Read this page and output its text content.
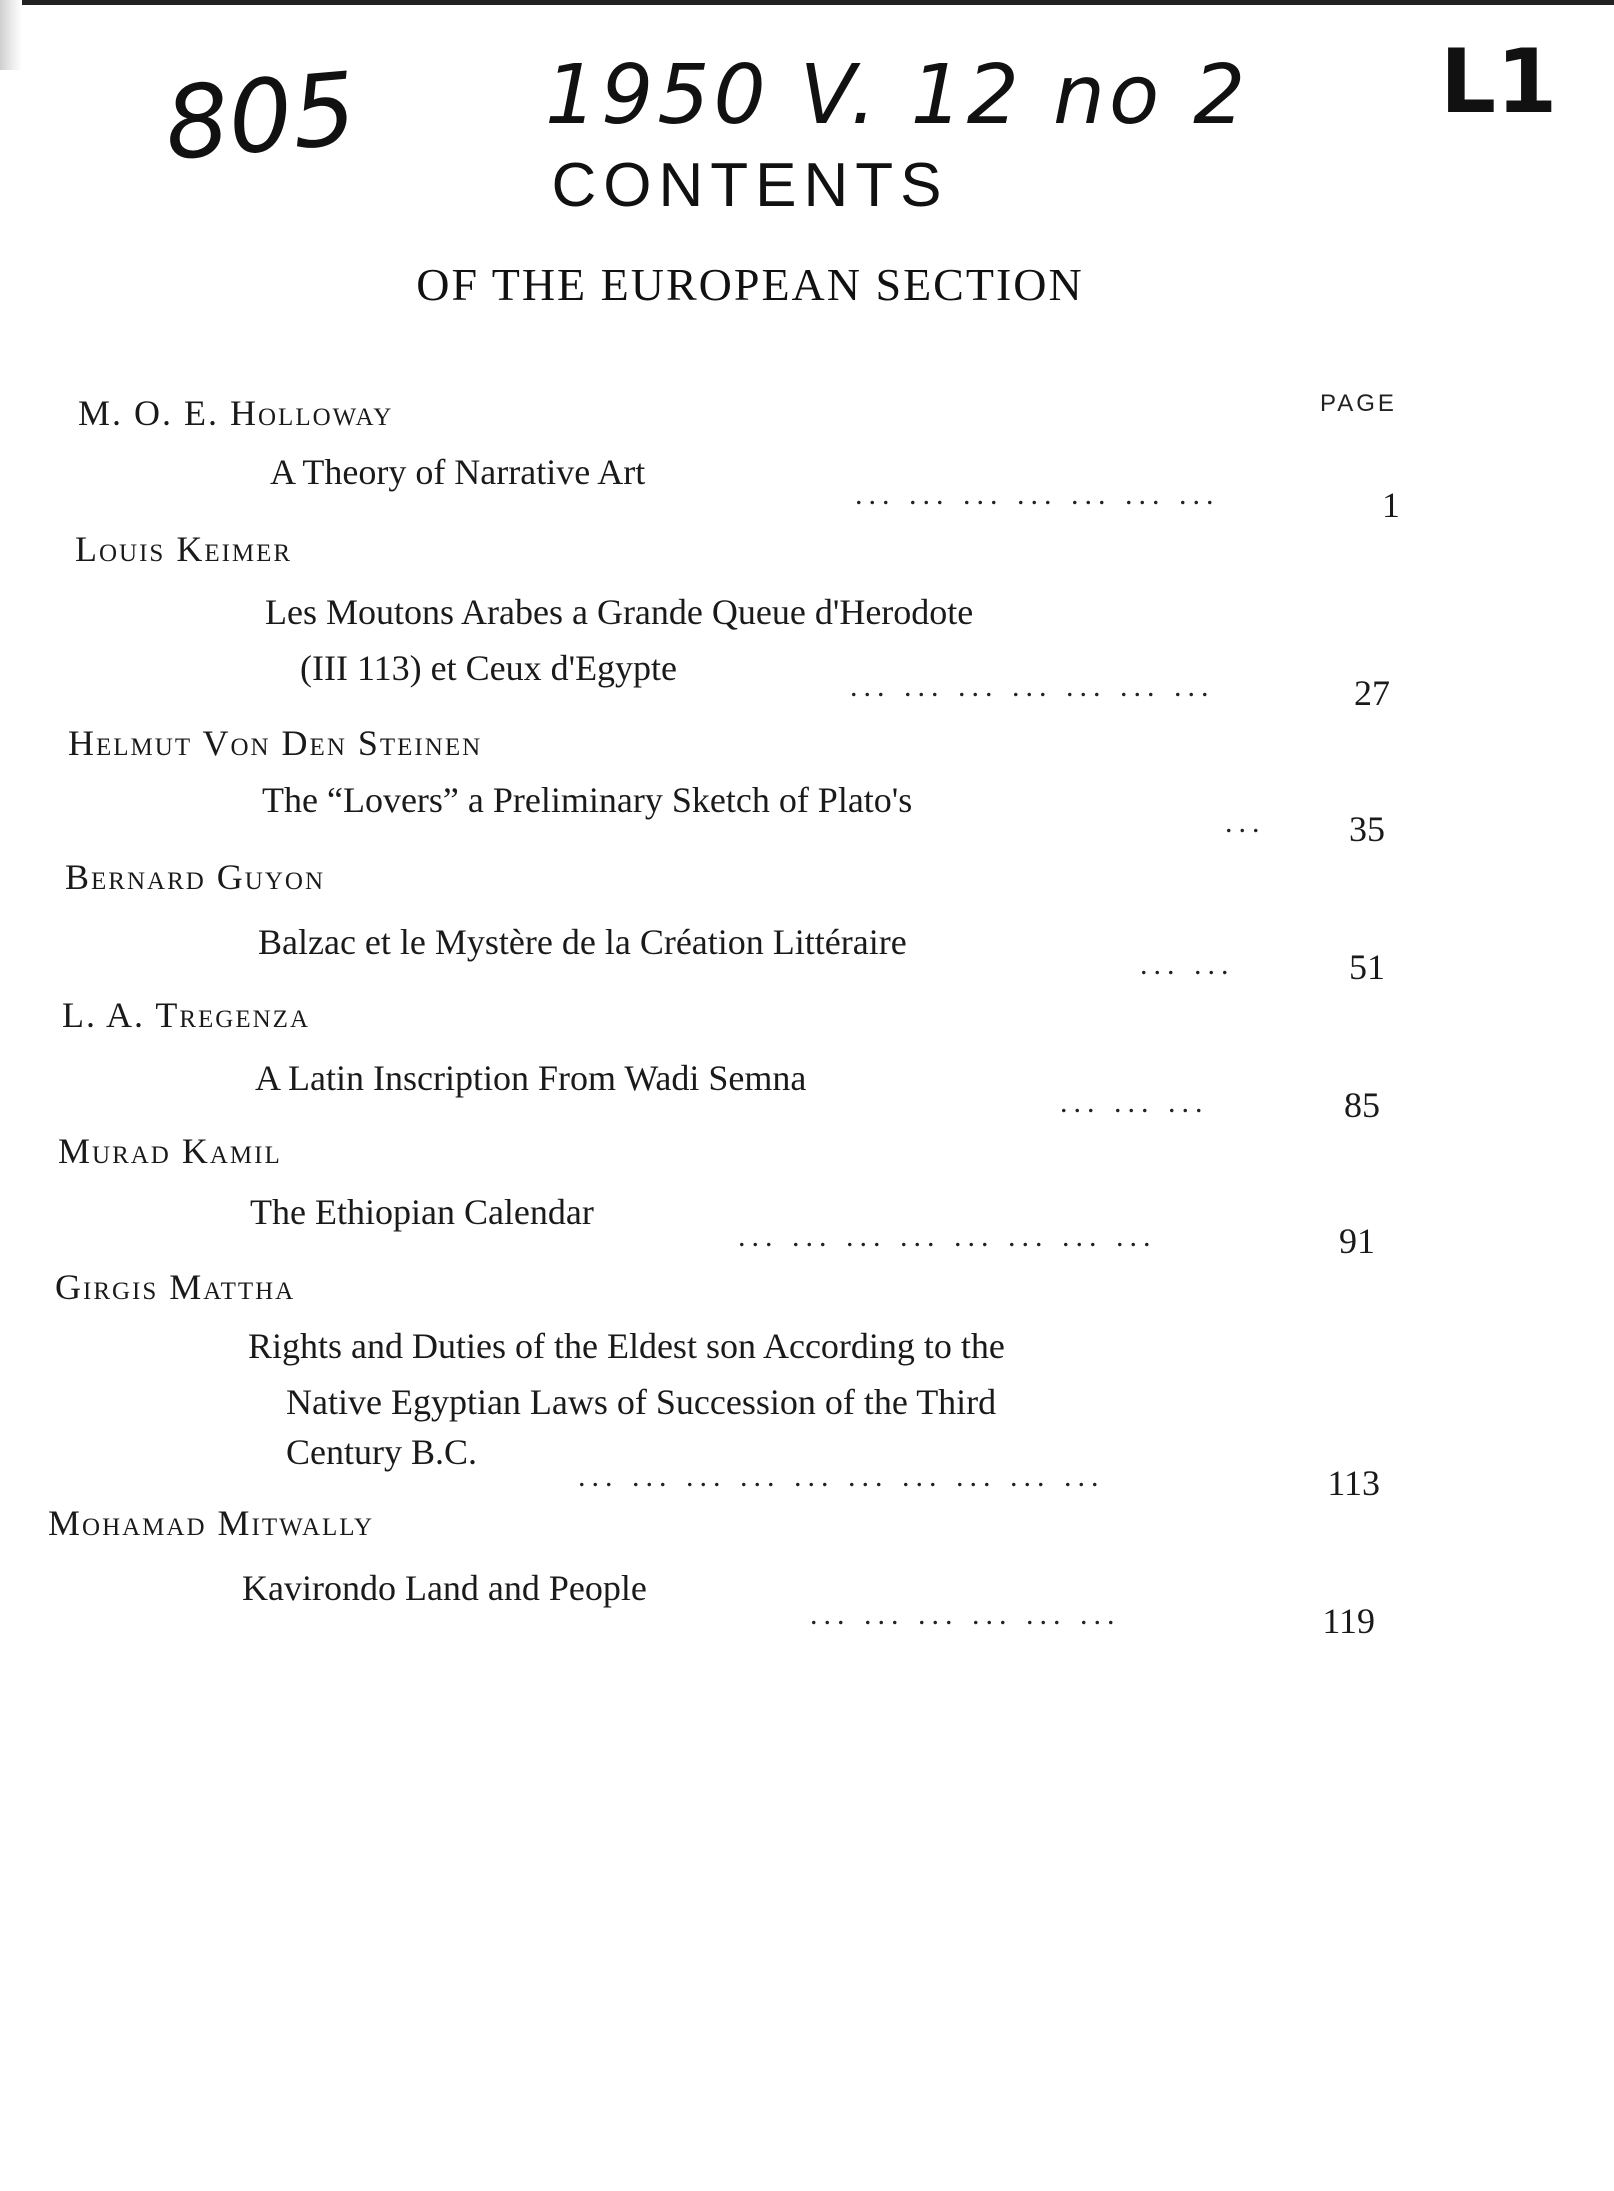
805 1950 V. 12 no 2 L1
CONTENTS
OF THE EUROPEAN SECTION
PAGE
M. O. E. Holloway
A Theory of Narrative Art
... ... ... ... ... ... ...	1
Louis Keimer
Les Moutons Arabes a Grande Queue d'Herodote
(III 113) et Ceux d'Egypte	... ... ... ... ... ... ...	27
Helmut Von Den Steinen
The “Lovers” a Preliminary Sketch of Plato's
...	35
Bernard Guyon
Balzac et le Mystère de la Création Littéraire
... ...	51
L. A. Tregenza
A Latin Inscription From Wadi Semna
... ... ...	85
Murad Kamil
The Ethiopian Calendar
... ... ... ... ... ... ... ...	91
Girgis Mattha
Rights and Duties of the Eldest son According to the
Native Egyptian Laws of Succession of the Third
Century B.C.
... ... ... ... ... ... ... ... ... ...	113
Mohamad Mitwally
Kavirondo Land and People
... ... ... ... ... ...	119
